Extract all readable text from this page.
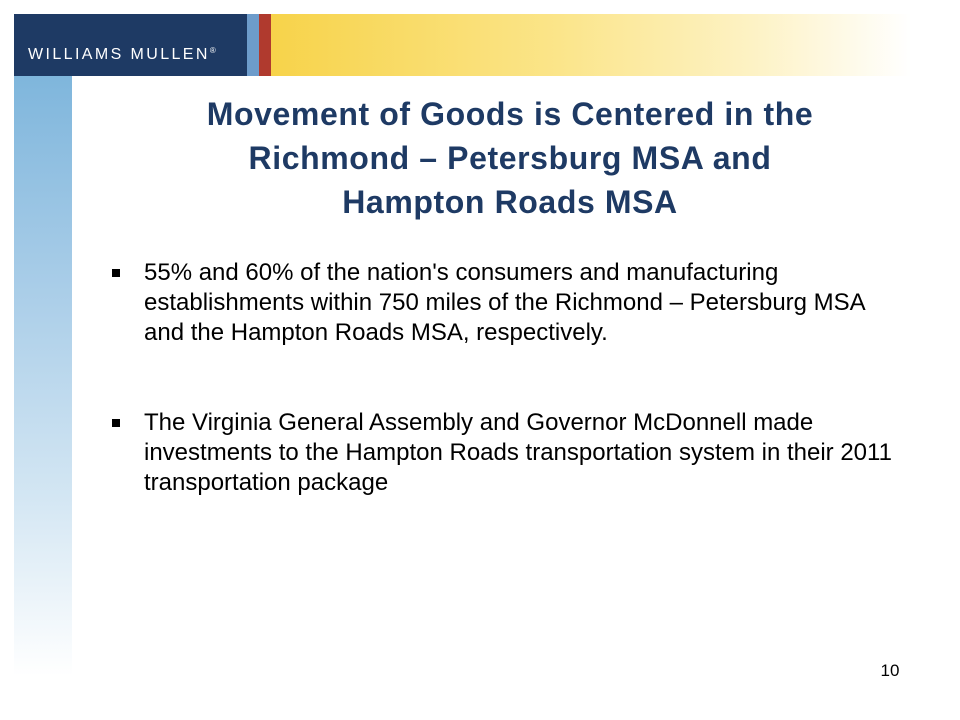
WILLIAMS MULLEN®
Movement of Goods is Centered in the
Richmond – Petersburg MSA and
Hampton Roads MSA
55% and 60% of the nation's consumers and manufacturing establishments within 750 miles of the Richmond – Petersburg MSA and the Hampton Roads MSA, respectively.
The Virginia General Assembly and Governor McDonnell made investments to the Hampton Roads transportation system in their 2011 transportation package
10
